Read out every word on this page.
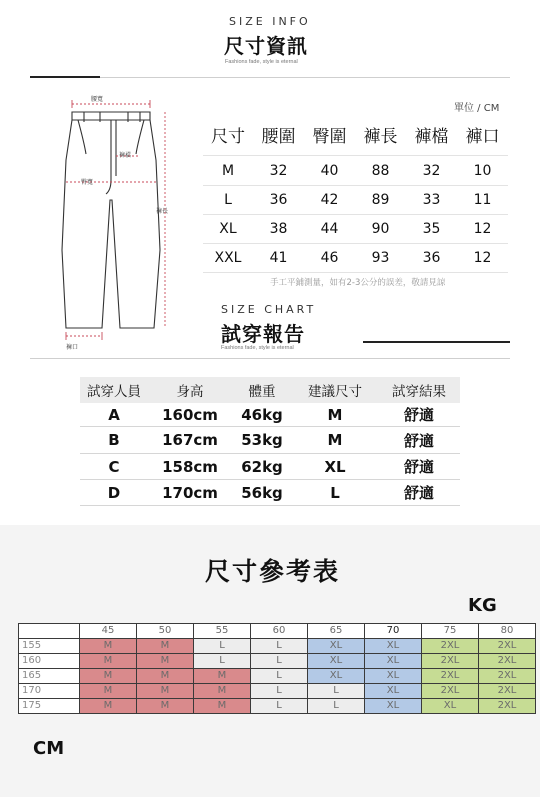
SIZE INFO
尺寸資訊
Fashions fade, style is eternal
腰寬
褲襠
臀寬
褲長
褲口
單位 / CM
尺寸 腰圍	臀圍	褲長	褲檔	褲口
M	32	40	88	32	10
L	36	42	89	33	11
XL	38	44	90	35	12
XXL	41	46	93	36	12
手工平鋪測量，如有2-3公分的誤差，敬請見諒
SIZE CHART
試穿報告
Fashions fade, style is eternal
試穿人員	身高	體重	建議尺寸	試穿結果
A	160cm	46kg	M	舒適
B	167cm	53kg	M	舒適
C	158cm	62kg	XL	舒適
D	170cm	56kg	L	舒適
尺寸參考表
KG
	45	50	55	60	65	70	75	80
155	M	M	L	L	XL	XL	2XL	2XL
160	M	M	L	L	XL	XL	2XL	2XL
165	M	M	M	L	XL	XL	2XL	2XL
170	M	M	M	L	L	XL	2XL	2XL
175	M	M	M	L	L	XL	XL	2XL
CM
